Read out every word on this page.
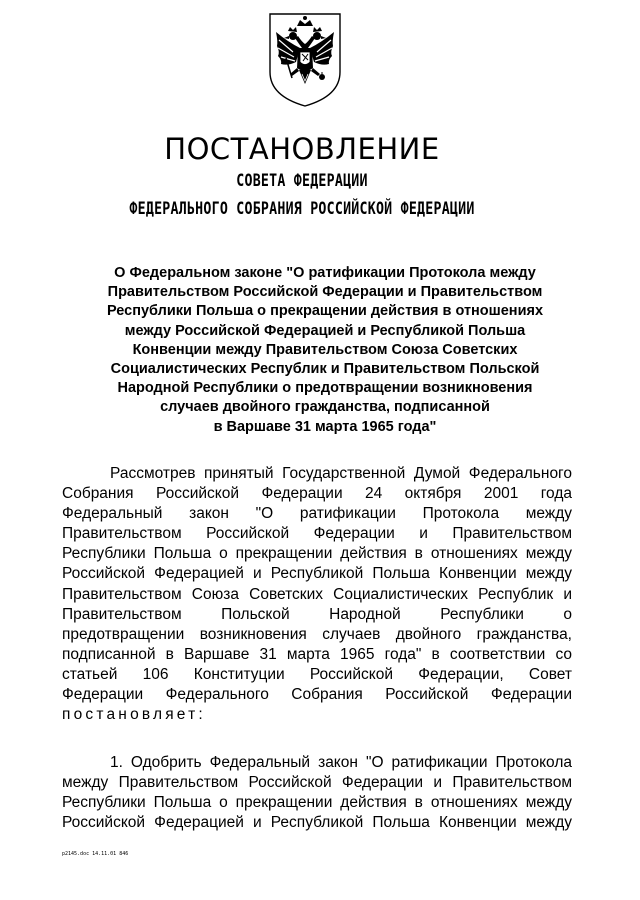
ПОСТАНОВЛЕНИЕ
СОВЕТА ФЕДЕРАЦИИ
ФЕДЕРАЛЬНОГО СОБРАНИЯ РОССИЙСКОЙ ФЕДЕРАЦИИ
О Федеральном законе "О ратификации Протокола между
Правительством Российской Федерации и Правительством
Республики Польша о прекращении действия в отношениях
между Российской Федерацией и Республикой Польша
Конвенции между Правительством Союза Советских
Социалистических Республик и Правительством Польской
Народной Республики о предотвращении возникновения
случаев двойного гражданства, подписанной
в Варшаве 31 марта 1965 года"
Рассмотрев принятый Государственной Думой Федерального
Собрания Российской Федерации 24 октября 2001 года
Федеральный закон "О ратификации Протокола между
Правительством Российской Федерации и Правительством
Республики Польша о прекращении действия в отношениях между
Российской Федерацией и Республикой Польша Конвенции между
Правительством Союза Советских Социалистических Республик и
Правительством Польской Народной Республики о
предотвращении возникновения случаев двойного гражданства,
подписанной в Варшаве 31 марта 1965 года" в соответствии со
статьей 106 Конституции Российской Федерации, Совет
Федерации Федерального Собрания Российской Федерации
постановляет:
1. Одобрить Федеральный закон "О ратификации Протокола
между Правительством Российской Федерации и Правительством
Республики Польша о прекращении действия в отношениях между
Российской Федерацией и Республикой Польша Конвенции между
p2145.doc 14.11.01 846
